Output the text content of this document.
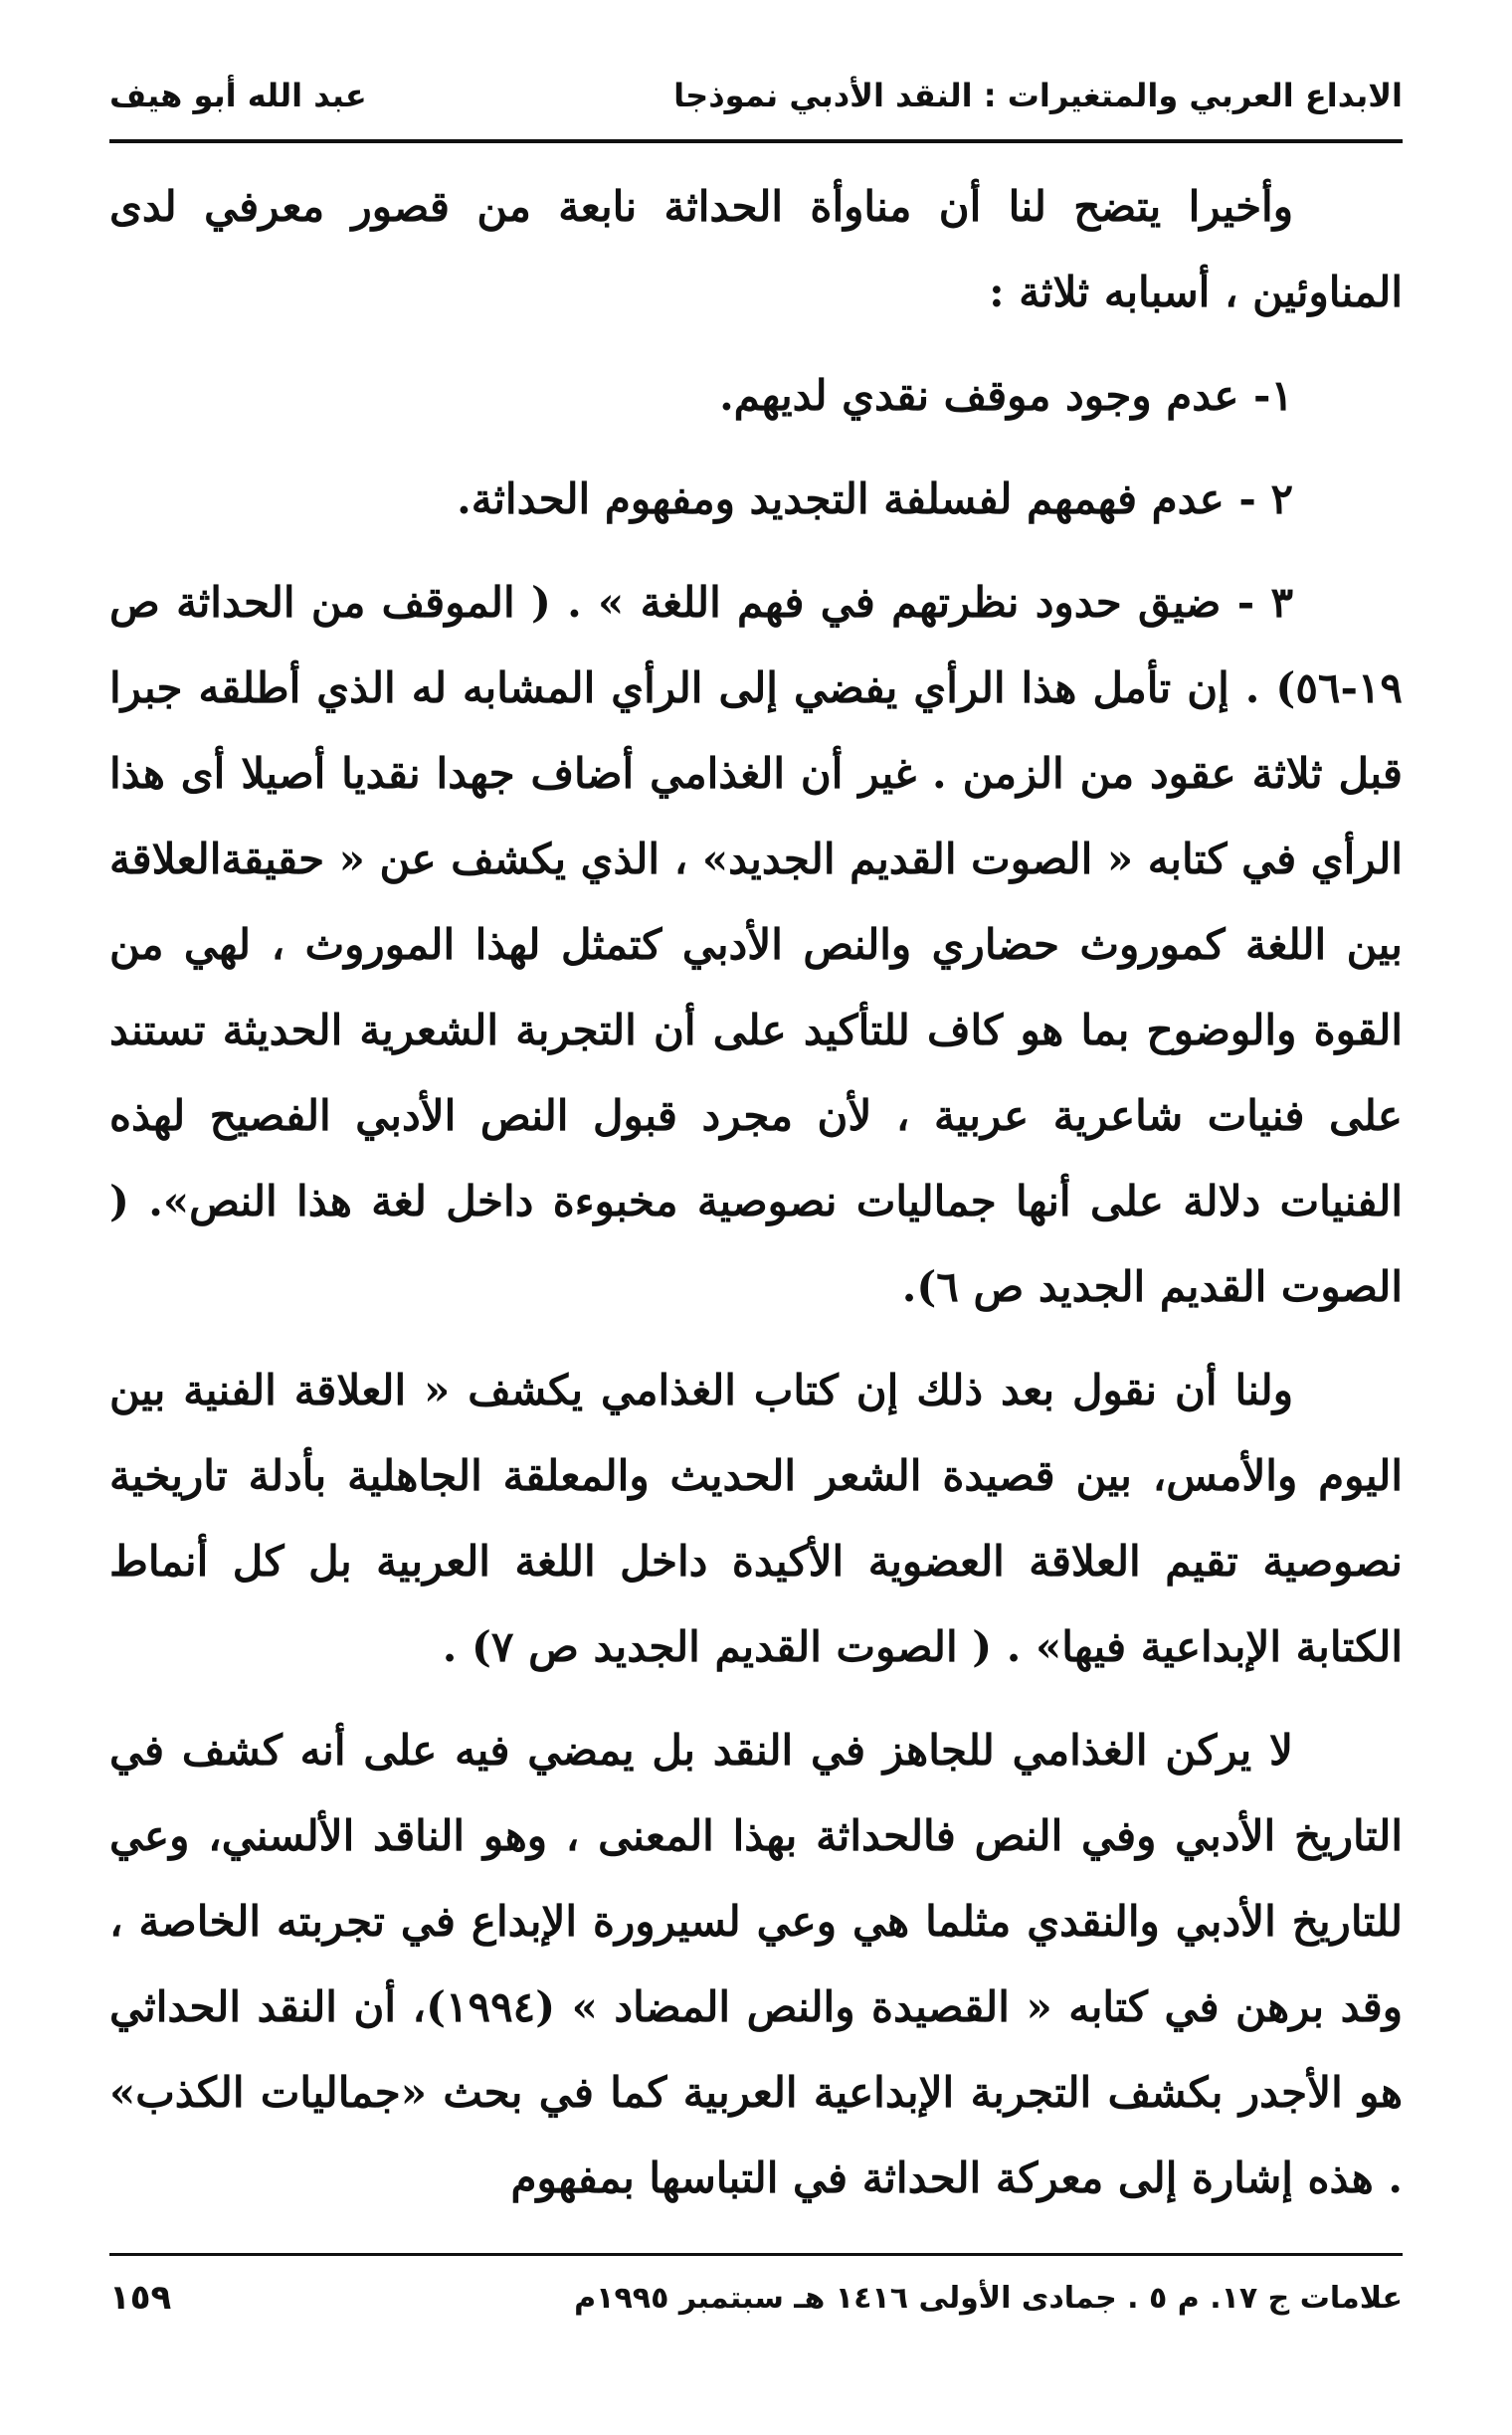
الابداع العربي والمتغيرات : النقد الأدبي نموذجا
عبد الله أبو هيف

وأخيرا يتضح لنا أن مناوأة الحداثة نابعة من قصور معرفي لدى المناوئين ، أسبابه ثلاثة :

١- عدم وجود موقف نقدي لديهم.

٢ - عدم فهمهم لفسلفة التجديد ومفهوم الحداثة.

٣ - ضيق حدود نظرتهم في فهم اللغة » . ( الموقف من الحداثة ص ١٩-٥٦) . إن تأمل هذا الرأي يفضي إلى الرأي المشابه له الذي أطلقه جبرا قبل ثلاثة عقود من الزمن . غير أن الغذامي أضاف جهدا نقديا أصيلا أى هذا الرأي في كتابه « الصوت القديم الجديد» ، الذي يكشف عن « حقيقةالعلاقة بين اللغة كموروث حضاري والنص الأدبي كتمثل لهذا الموروث ، لهي من القوة والوضوح بما هو كاف للتأكيد على أن التجربة الشعرية الحديثة تستند على فنيات شاعرية عربية ، لأن مجرد قبول النص الأدبي الفصيح لهذه الفنيات دلالة على أنها جماليات نصوصية مخبوءة داخل لغة هذا النص». ( الصوت القديم الجديد ص ٦).

ولنا أن نقول بعد ذلك إن كتاب الغذامي يكشف « العلاقة الفنية بين اليوم والأمس، بين قصيدة الشعر الحديث والمعلقة الجاهلية بأدلة تاريخية نصوصية تقيم العلاقة العضوية الأكيدة داخل اللغة العربية بل كل أنماط الكتابة الإبداعية فيها» . ( الصوت القديم الجديد ص ٧) .

لا يركن الغذامي للجاهز في النقد بل يمضي فيه على أنه كشف في التاريخ الأدبي وفي النص فالحداثة بهذا المعنى ، وهو الناقد الألسني، وعي للتاريخ الأدبي والنقدي مثلما هي وعي لسيرورة الإبداع في تجربته الخاصة ، وقد برهن في كتابه « القصيدة والنص المضاد » (١٩٩٤)، أن النقد الحداثي هو الأجدر بكشف التجربة الإبداعية العربية كما في بحث «جماليات الكذب» . هذه إشارة إلى معركة الحداثة في التباسها بمفهوم

علامات ج ١٧. م ٥ . جمادى الأولى ١٤١٦ هـ سبتمبر ١٩٩٥م
١٥٩
